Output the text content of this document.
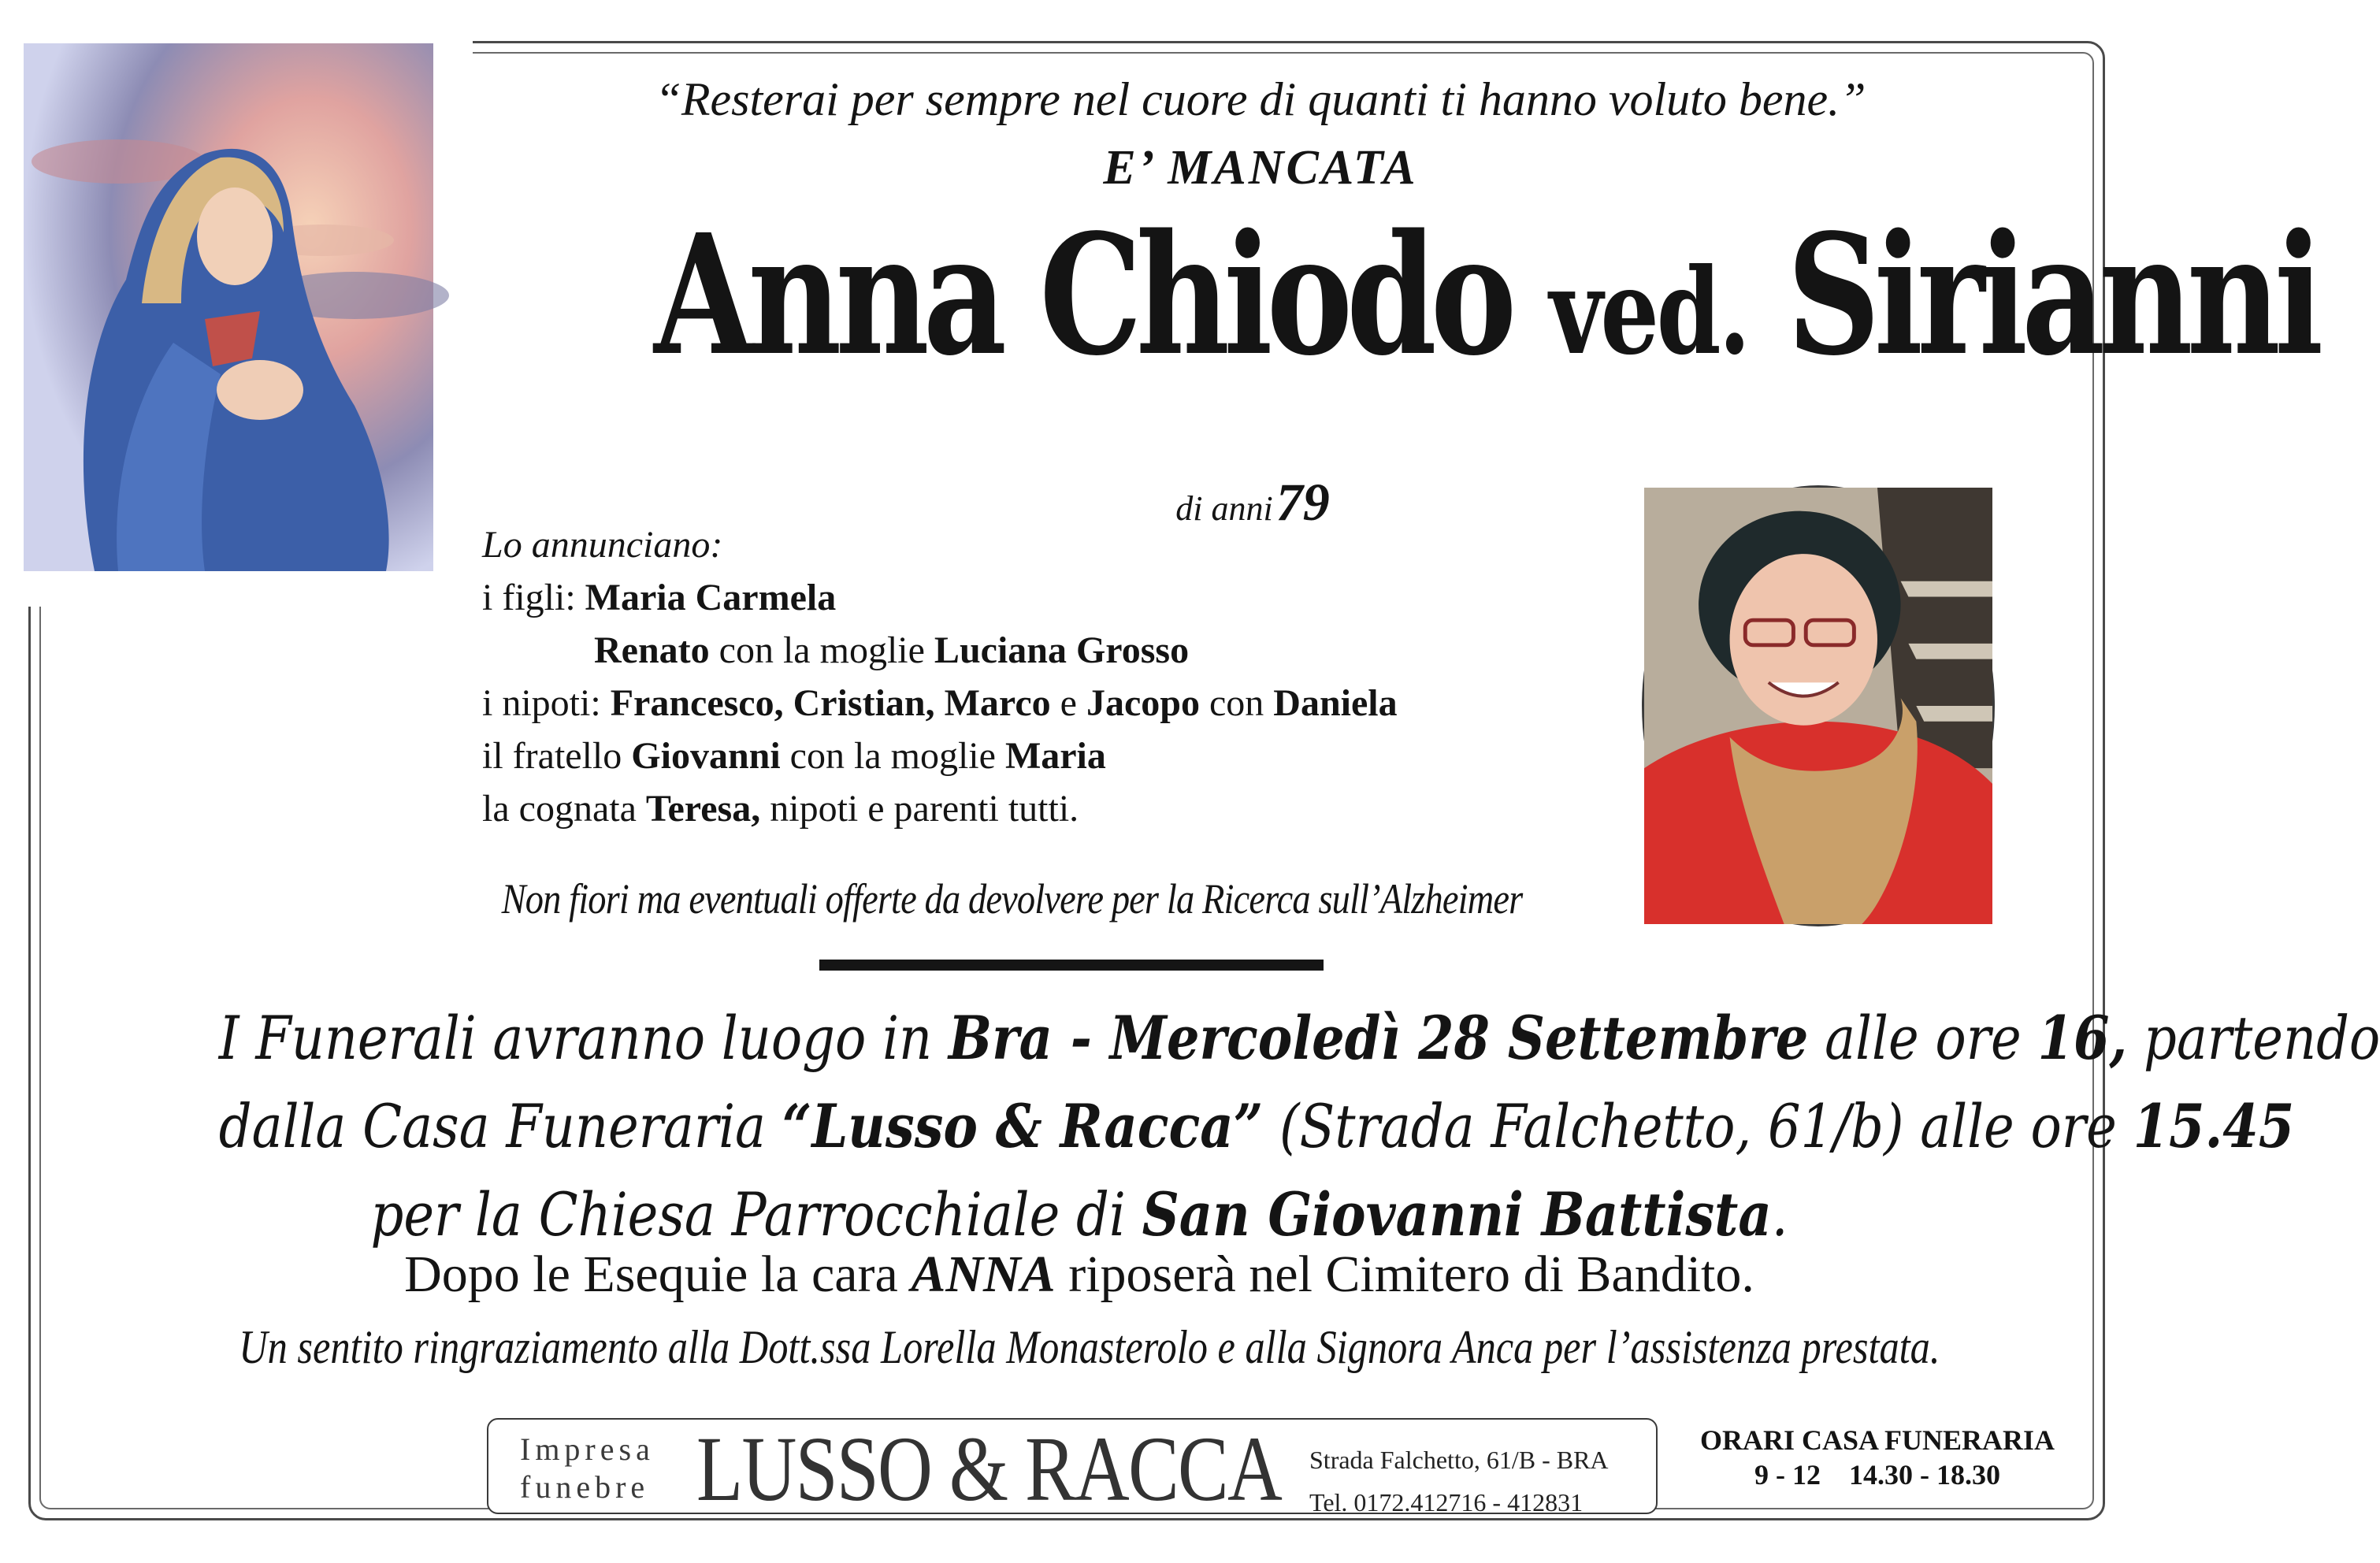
“Resterai per sempre nel cuore di quanti ti hanno voluto bene.”
E’ MANCATA
Anna Chiodo ved. Sirianni
di anni 79
Lo annunciano:
i figli: Maria Carmela
Renato con la moglie Luciana Grosso
i nipoti: Francesco, Cristian, Marco e Jacopo con Daniela
il fratello Giovanni con la moglie Maria
la cognata Teresa, nipoti e parenti tutti.
Non fiori ma eventuali offerte da devolvere per la Ricerca sull’Alzheimer
I Funerali avranno luogo in Bra - Mercoledì 28 Settembre alle ore 16, partendo
dalla Casa Funeraria “Lusso & Racca” (Strada Falchetto, 61/b) alle ore 15.45
per la Chiesa Parrocchiale di San Giovanni Battista.
Dopo le Esequie la cara ANNA riposerà nel Cimitero di Bandito.
Un sentito ringraziamento alla Dott.ssa Lorella Monasterolo e alla Signora Anca per l’assistenza prestata.
Impresa
funebre LUSSO & RACCA Strada Falchetto, 61/B - BRA
Tel. 0172.412716 - 412831
ORARI CASA FUNERARIA
9 - 12 14.30 - 18.30
